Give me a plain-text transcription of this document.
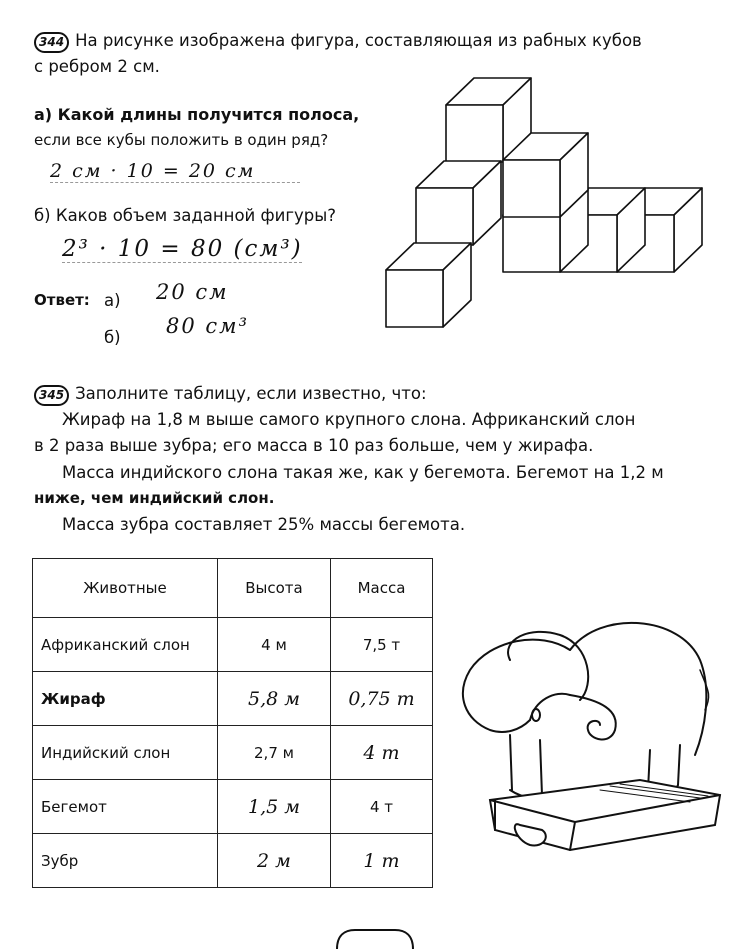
344 На рисунке изображена фигура, составляющая из рабных кубов
с ребром 2 см.
а) Какой длины получится полоса,
если все кубы положить в один ряд?
2 см · 10 = 20 см
б) Каков объем заданной фигуры?
2³ · 10 = 80 (см³)
Ответ: а) 20 см
б) 80 см³
345 Заполните таблицу, если известно, что:
Жираф на 1,8 м выше самого крупного слона. Африканский слон
в 2 раза выше зубра; его масса в 10 раз больше, чем у жирафа.
Масса индийского слона такая же, как у бегемота. Бегемот на 1,2 м
ниже, чем индийский слон.
Масса зубра составляет 25% массы бегемота.
Животные	Высота	Масса
Африканский слон	4 м	7,5 т
Жираф	5,8 м	0,75 т
Индийский слон	2,7 м	4 т
Бегемот	1,5 м	4 т
Зубр	2 м	1 т
